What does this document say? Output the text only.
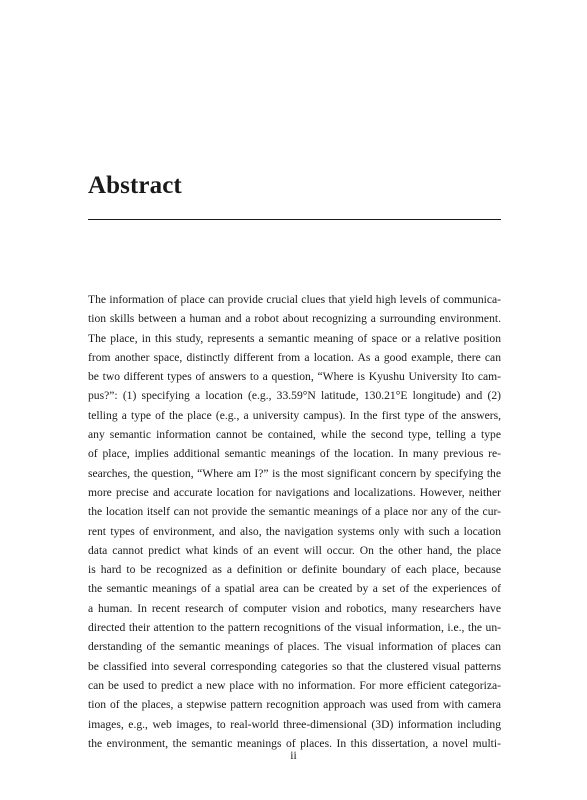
Abstract
The information of place can provide crucial clues that yield high levels of communica-
tion skills between a human and a robot about recognizing a surrounding environment.
The place, in this study, represents a semantic meaning of space or a relative position
from another space, distinctly different from a location. As a good example, there can
be two different types of answers to a question, “Where is Kyushu University Ito cam-
pus?”: (1) specifying a location (e.g., 33.59°N latitude, 130.21°E longitude) and (2)
telling a type of the place (e.g., a university campus). In the first type of the answers,
any semantic information cannot be contained, while the second type, telling a type
of place, implies additional semantic meanings of the location. In many previous re-
searches, the question, “Where am I?” is the most significant concern by specifying the
more precise and accurate location for navigations and localizations. However, neither
the location itself can not provide the semantic meanings of a place nor any of the cur-
rent types of environment, and also, the navigation systems only with such a location
data cannot predict what kinds of an event will occur. On the other hand, the place
is hard to be recognized as a definition or definite boundary of each place, because
the semantic meanings of a spatial area can be created by a set of the experiences of
a human. In recent research of computer vision and robotics, many researchers have
directed their attention to the pattern recognitions of the visual information, i.e., the un-
derstanding of the semantic meanings of places. The visual information of places can
be classified into several corresponding categories so that the clustered visual patterns
can be used to predict a new place with no information. For more efficient categoriza-
tion of the places, a stepwise pattern recognition approach was used from with camera
images, e.g., web images, to real-world three-dimensional (3D) information including
the environment, the semantic meanings of places. In this dissertation, a novel multi-
ii
